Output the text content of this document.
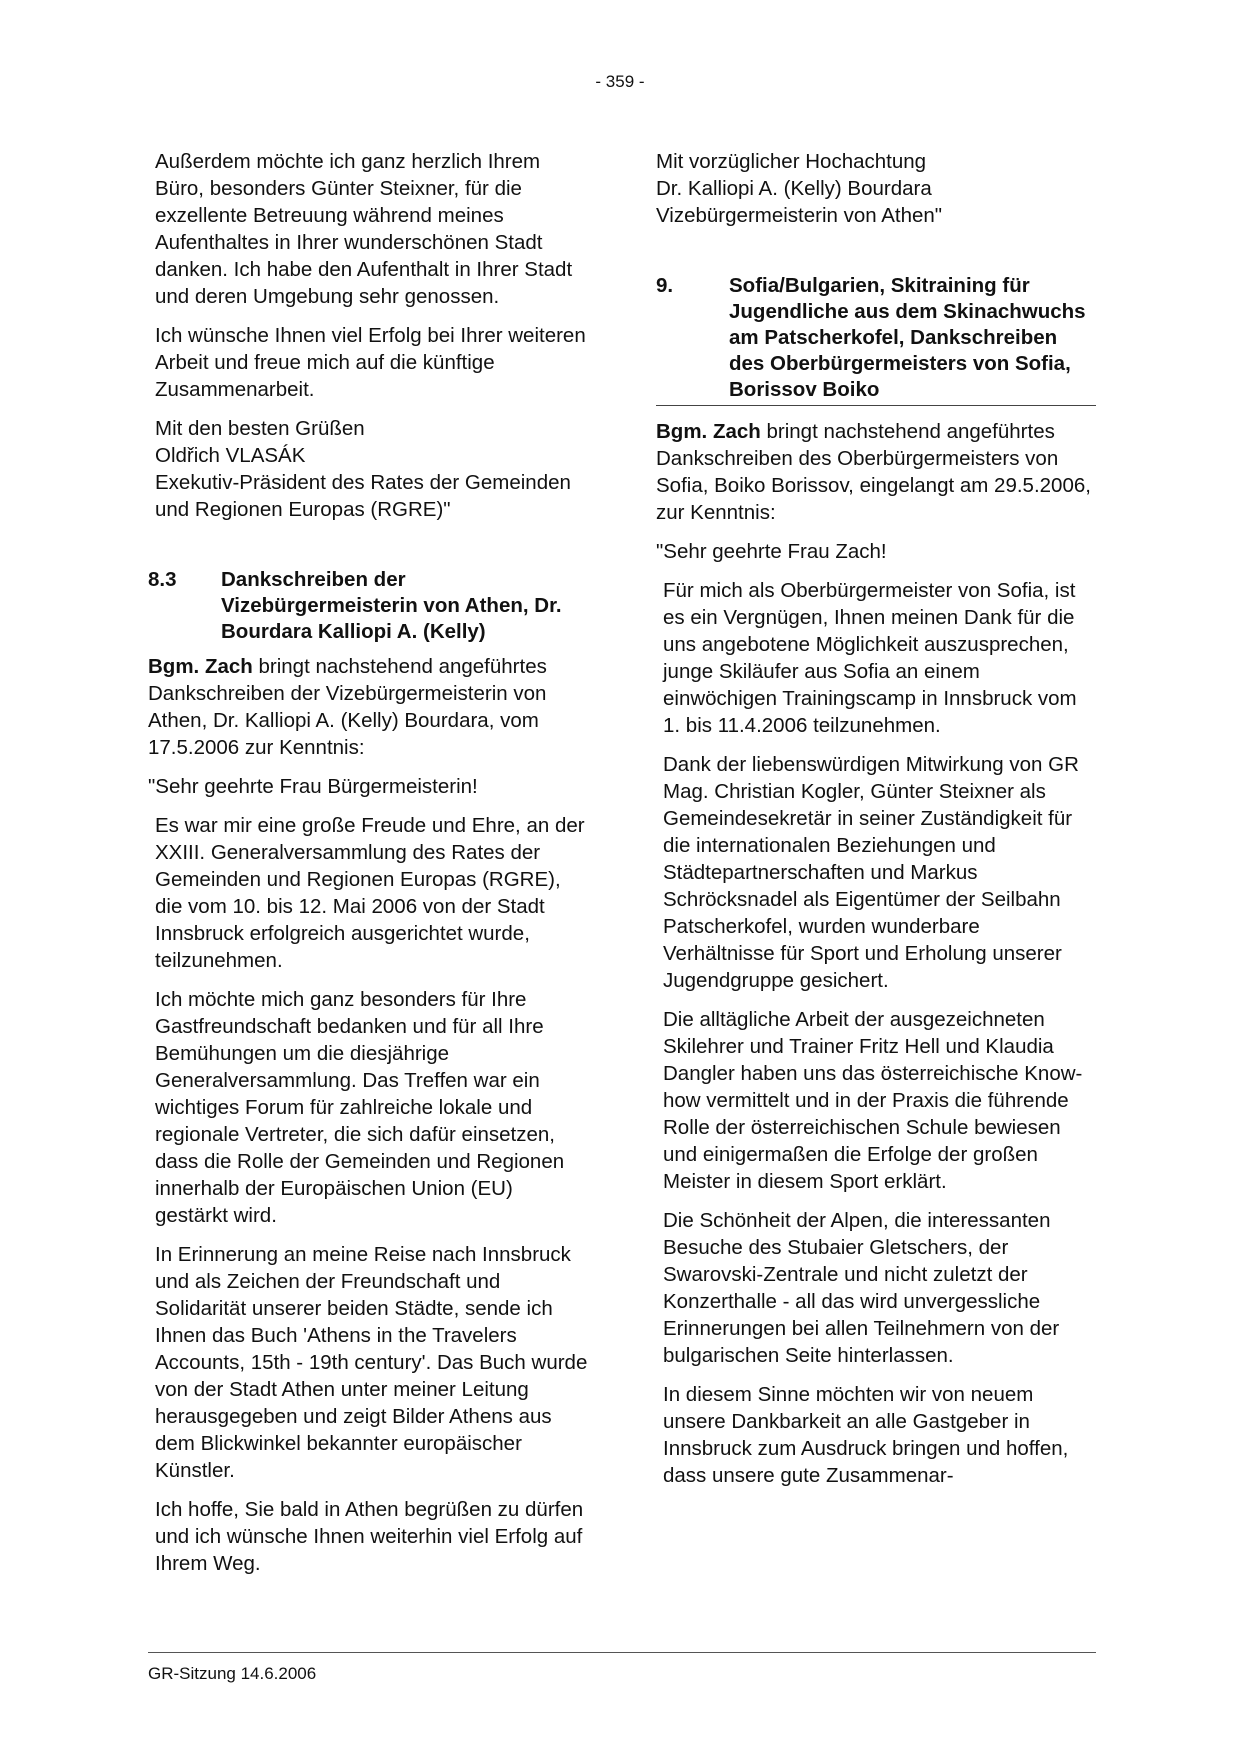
- 359 -

Außerdem möchte ich ganz herzlich Ihrem Büro, besonders Günter Steixner, für die exzellente Betreuung während meines Aufenthaltes in Ihrer wunderschönen Stadt danken. Ich habe den Aufenthalt in Ihrer Stadt und deren Umgebung sehr genossen.

Ich wünsche Ihnen viel Erfolg bei Ihrer weiteren Arbeit und freue mich auf die künftige Zusammenarbeit.

Mit den besten Grüßen
Oldřich VLASÁK
Exekutiv-Präsident des Rates der Gemeinden und Regionen Europas (RGRE)"

8.3	Dankschreiben der Vizebürgermeisterin von Athen, Dr. Bourdara Kalliopi A. (Kelly)

Bgm. Zach bringt nachstehend angeführtes Dankschreiben der Vizebürgermeisterin von Athen, Dr. Kalliopi A. (Kelly) Bourdara, vom 17.5.2006 zur Kenntnis:

"Sehr geehrte Frau Bürgermeisterin!

Es war mir eine große Freude und Ehre, an der XXIII. Generalversammlung des Rates der Gemeinden und Regionen Europas (RGRE), die vom 10. bis 12. Mai 2006 von der Stadt Innsbruck erfolgreich ausgerichtet wurde, teilzunehmen.

Ich möchte mich ganz besonders für Ihre Gastfreundschaft bedanken und für all Ihre Bemühungen um die diesjährige Generalversammlung. Das Treffen war ein wichtiges Forum für zahlreiche lokale und regionale Vertreter, die sich dafür einsetzen, dass die Rolle der Gemeinden und Regionen innerhalb der Europäischen Union (EU) gestärkt wird.

In Erinnerung an meine Reise nach Innsbruck und als Zeichen der Freundschaft und Solidarität unserer beiden Städte, sende ich Ihnen das Buch 'Athens in the Travelers Accounts, 15th - 19th century'. Das Buch wurde von der Stadt Athen unter meiner Leitung herausgegeben und zeigt Bilder Athens aus dem Blickwinkel bekannter europäischer Künstler.

Ich hoffe, Sie bald in Athen begrüßen zu dürfen und ich wünsche Ihnen weiterhin viel Erfolg auf Ihrem Weg.

Mit vorzüglicher Hochachtung
Dr. Kalliopi A. (Kelly) Bourdara
Vizebürgermeisterin von Athen"

9.	Sofia/Bulgarien, Skitraining für Jugendliche aus dem Skinachwuchs am Patscherkofel, Dankschreiben des Oberbürgermeisters von Sofia, Borissov Boiko

Bgm. Zach bringt nachstehend angeführtes Dankschreiben des Oberbürgermeisters von Sofia, Boiko Borissov, eingelangt am 29.5.2006, zur Kenntnis:

"Sehr geehrte Frau Zach!

Für mich als Oberbürgermeister von Sofia, ist es ein Vergnügen, Ihnen meinen Dank für die uns angebotene Möglichkeit auszusprechen, junge Skiläufer aus Sofia an einem einwöchigen Trainingscamp in Innsbruck vom 1. bis 11.4.2006 teilzunehmen.

Dank der liebenswürdigen Mitwirkung von GR Mag. Christian Kogler, Günter Steixner als Gemeindesekretär in seiner Zuständigkeit für die internationalen Beziehungen und Städtepartnerschaften und Markus Schröcksnadel als Eigentümer der Seilbahn Patscherkofel, wurden wunderbare Verhältnisse für Sport und Erholung unserer Jugendgruppe gesichert.

Die alltägliche Arbeit der ausgezeichneten Skilehrer und Trainer Fritz Hell und Klaudia Dangler haben uns das österreichische Know-how vermittelt und in der Praxis die führende Rolle der österreichischen Schule bewiesen und einigermaßen die Erfolge der großen Meister in diesem Sport erklärt.

Die Schönheit der Alpen, die interessanten Besuche des Stubaier Gletschers, der Swarovski-Zentrale und nicht zuletzt der Konzerthalle - all das wird unvergessliche Erinnerungen bei allen Teilnehmern von der bulgarischen Seite hinterlassen.

In diesem Sinne möchten wir von neuem unsere Dankbarkeit an alle Gastgeber in Innsbruck zum Ausdruck bringen und hoffen, dass unsere gute Zusammenar-

GR-Sitzung 14.6.2006
